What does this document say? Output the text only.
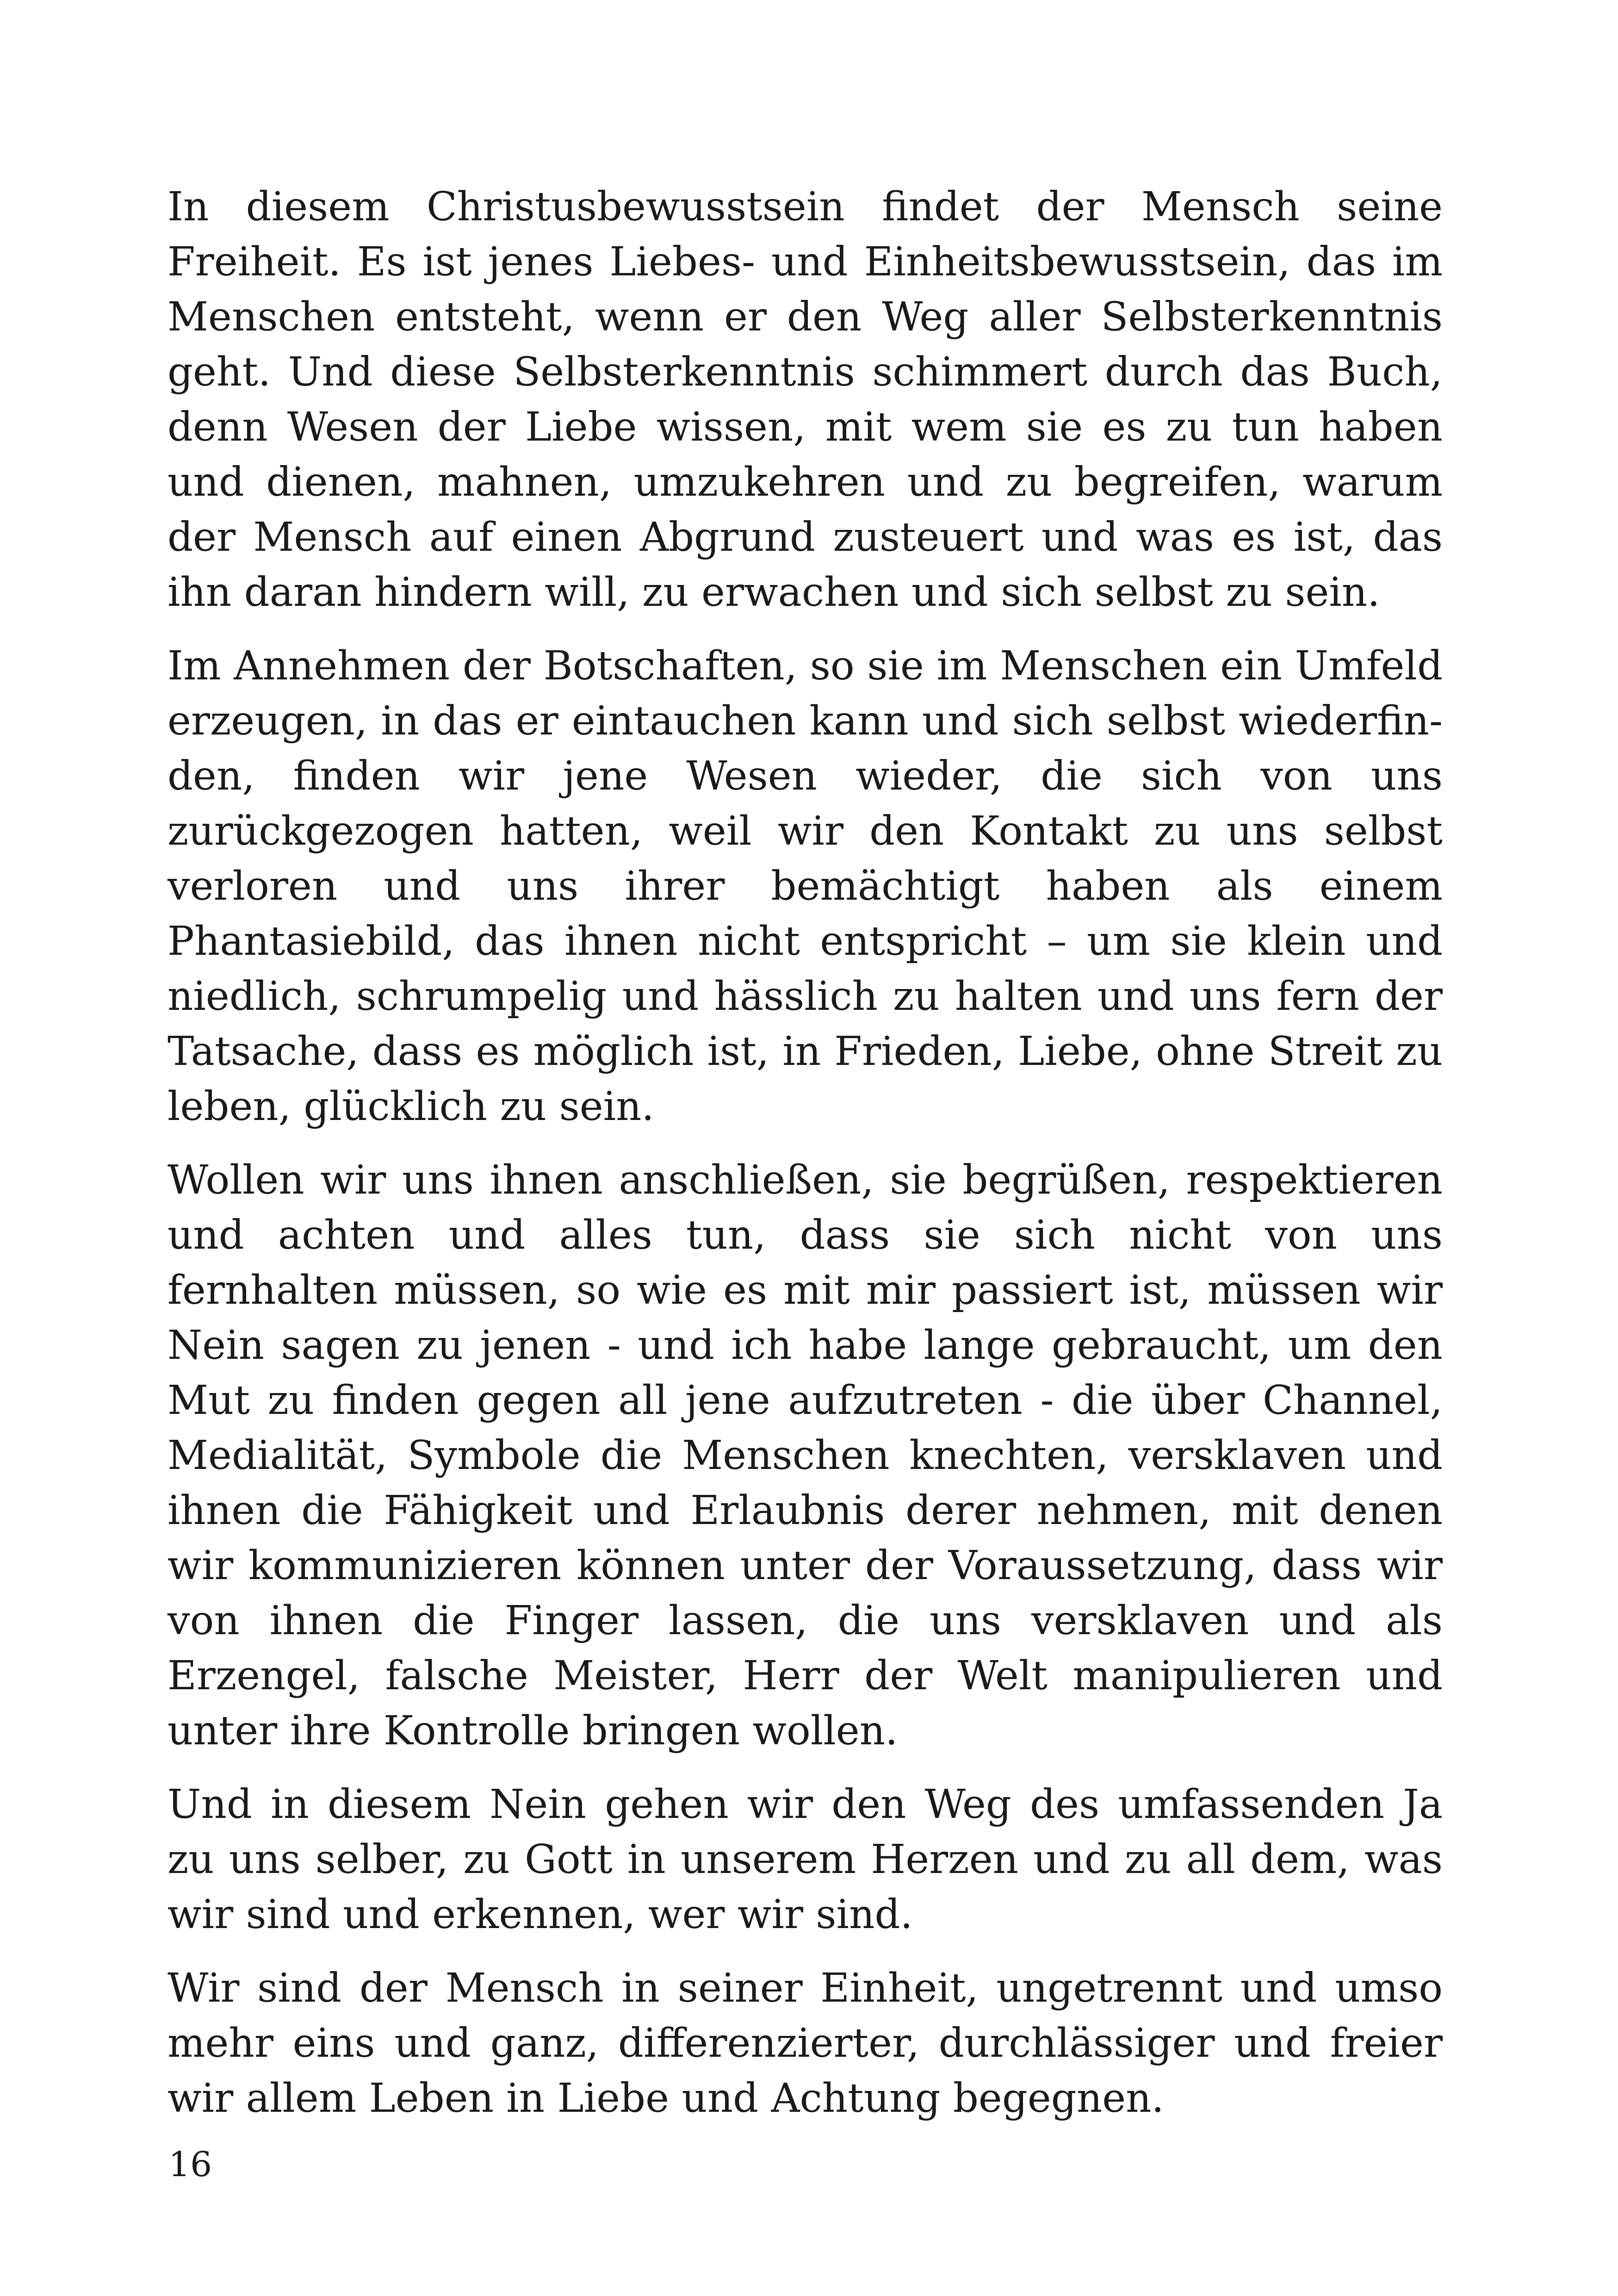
In diesem Christusbewusstsein findet der Mensch seine Freiheit. Es ist jenes Liebes- und Einheitsbewusstsein, das im Menschen entsteht, wenn er den Weg aller Selbsterkenntnis geht. Und diese Selbsterkenntnis schimmert durch das Buch, denn Wesen der Liebe wissen, mit wem sie es zu tun haben und dienen, mahnen, umzukehren und zu begreifen, warum der Mensch auf einen Abgrund zusteuert und was es ist, das ihn daran hindern will, zu erwachen und sich selbst zu sein.

Im Annehmen der Botschaften, so sie im Menschen ein Umfeld erzeugen, in das er eintauchen kann und sich selbst wiederfinden, finden wir jene Wesen wieder, die sich von uns zurückgezogen hatten, weil wir den Kontakt zu uns selbst verloren und uns ihrer bemächtigt haben als einem Phantasiebild, das ihnen nicht entspricht – um sie klein und niedlich, schrumpelig und hässlich zu halten und uns fern der Tatsache, dass es möglich ist, in Frieden, Liebe, ohne Streit zu leben, glücklich zu sein.

Wollen wir uns ihnen anschließen, sie begrüßen, respektieren und achten und alles tun, dass sie sich nicht von uns fernhalten müssen, so wie es mit mir passiert ist, müssen wir Nein sagen zu jenen - und ich habe lange gebraucht, um den Mut zu finden gegen all jene aufzutreten - die über Channel, Medialität, Symbole die Menschen knechten, versklaven und ihnen die Fähigkeit und Erlaubnis derer nehmen, mit denen wir kommunizieren können unter der Voraussetzung, dass wir von ihnen die Finger lassen, die uns versklaven und als Erzengel, falsche Meister, Herr der Welt manipulieren und unter ihre Kontrolle bringen wollen.

Und in diesem Nein gehen wir den Weg des umfassenden Ja zu uns selber, zu Gott in unserem Herzen und zu all dem, was wir sind und erkennen, wer wir sind.

Wir sind der Mensch in seiner Einheit, ungetrennt und umso mehr eins und ganz, differenzierter, durchlässiger und freier wir allem Leben in Liebe und Achtung begegnen.

16
